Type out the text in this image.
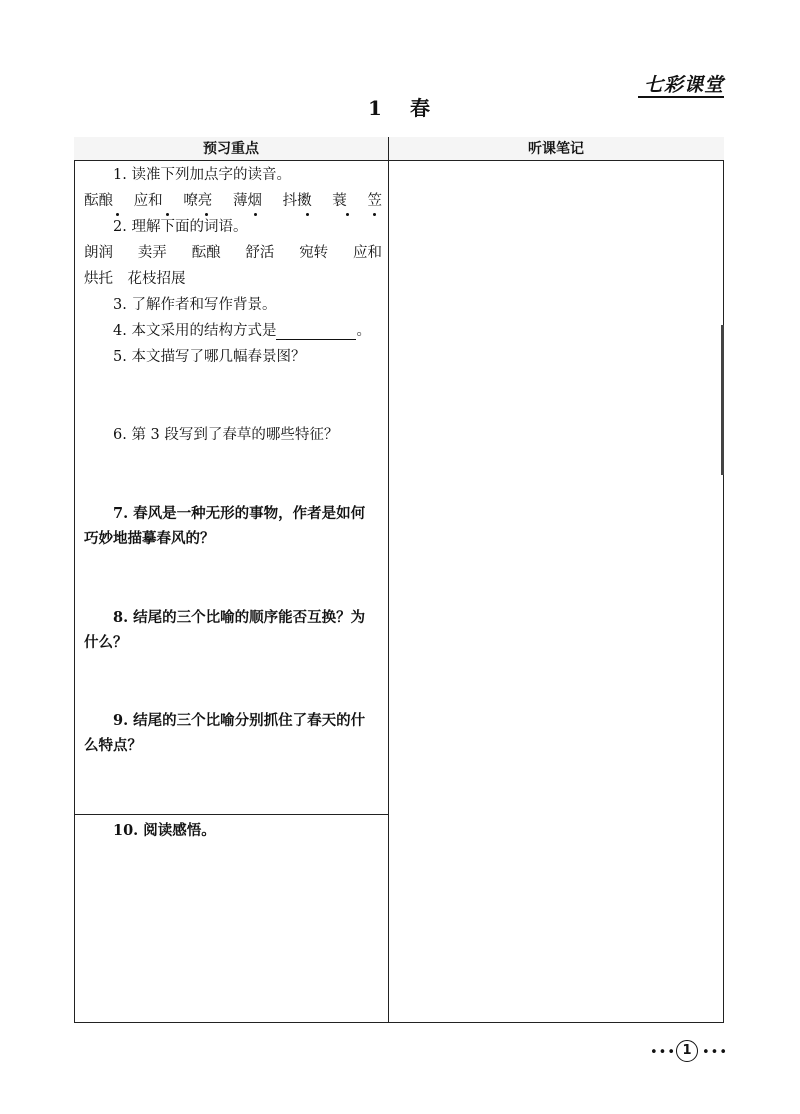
七彩课堂
1 春
预习重点	听课笔记
1. 读准下列加点字的读音。
酝酿 应和 嘹亮 薄烟 抖擞 蓑 笠
2. 理解下面的词语。
朗润 卖弄 酝酿 舒活 宛转 应和
烘托　花枝招展
3. 了解作者和写作背景。
4. 本文采用的结构方式是	。
5. 本文描写了哪几幅春景图？
6. 第 3 段写到了春草的哪些特征？
7. 春风是一种无形的事物，作者是如何
巧妙地描摹春风的？
8. 结尾的三个比喻的顺序能否互换？为
什么？
9. 结尾的三个比喻分别抓住了春天的什
么特点？
10. 阅读感悟。
••• 1 •••
